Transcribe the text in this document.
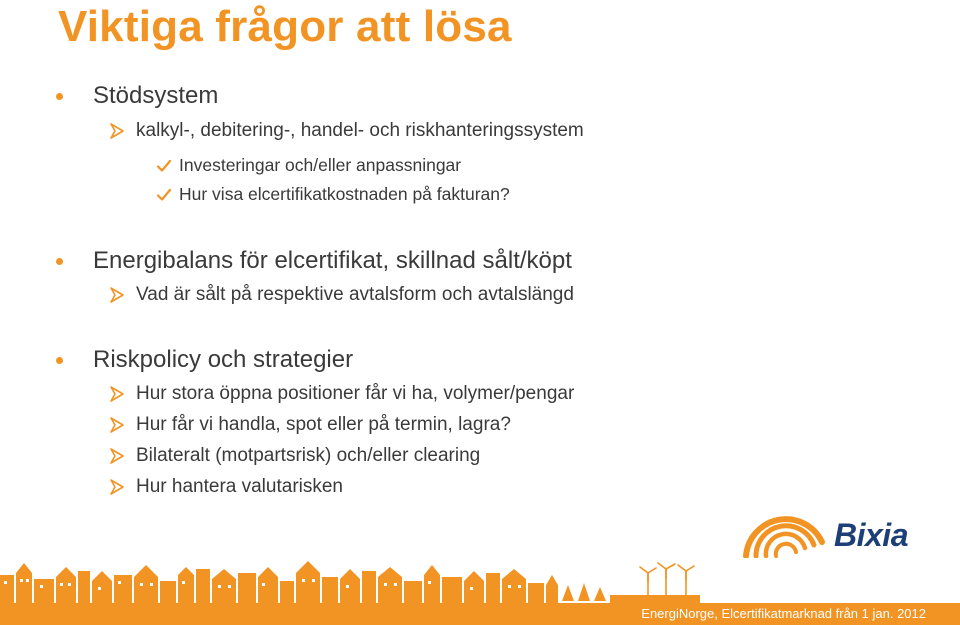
Viktiga frågor att lösa
Stödsystem
kalkyl-, debitering-, handel- och riskhanteringssystem
Investeringar och/eller anpassningar
Hur visa elcertifikatkostnaden på fakturan?
Energibalans för elcertifikat, skillnad sålt/köpt
Vad är sålt på respektive avtalsform och avtalslängd
Riskpolicy och strategier
Hur stora öppna positioner får vi ha, volymer/pengar
Hur får vi handla, spot eller på termin, lagra?
Bilateralt (motpartsrisk) och/eller clearing
Hur hantera valutarisken
Bixia
EnergiNorge, Elcertifikatmarknad från 1 jan. 2012
